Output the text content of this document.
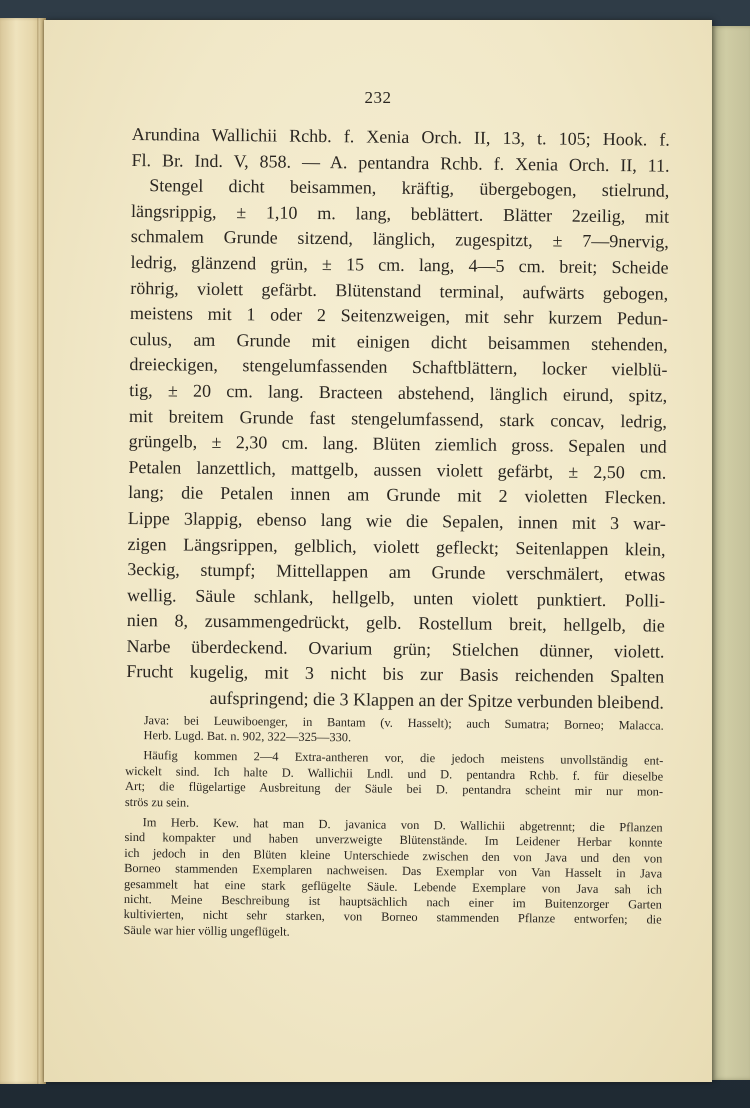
232
Arundina Wallichii Rchb. f. Xenia Orch. II, 13, t. 105; Hook. f.
Fl. Br. Ind. V, 858. — A. pentandra Rchb. f. Xenia Orch. II, 11.
Stengel dicht beisammen, kräftig, übergebogen, stielrund,
längsrippig, ± 1,10 m. lang, beblättert. Blätter 2zeilig, mit
schmalem Grunde sitzend, länglich, zugespitzt, ± 7—9nervig,
ledrig, glänzend grün, ± 15 cm. lang, 4—5 cm. breit; Scheide
röhrig, violett gefärbt. Blütenstand terminal, aufwärts gebogen,
meistens mit 1 oder 2 Seitenzweigen, mit sehr kurzem Pedun-
culus, am Grunde mit einigen dicht beisammen stehenden,
dreieckigen, stengelumfassenden Schaftblättern, locker vielblü-
tig, ± 20 cm. lang. Bracteen abstehend, länglich eirund, spitz,
mit breitem Grunde fast stengelumfassend, stark concav, ledrig,
grüngelb, ± 2,30 cm. lang. Blüten ziemlich gross. Sepalen und
Petalen lanzettlich, mattgelb, aussen violett gefärbt, ± 2,50 cm.
lang; die Petalen innen am Grunde mit 2 violetten Flecken.
Lippe 3lappig, ebenso lang wie die Sepalen, innen mit 3 war-
zigen Längsrippen, gelblich, violett gefleckt; Seitenlappen klein,
3eckig, stumpf; Mittellappen am Grunde verschmälert, etwas
wellig. Säule schlank, hellgelb, unten violett punktiert. Polli-
nien 8, zusammengedrückt, gelb. Rostellum breit, hellgelb, die
Narbe überdeckend. Ovarium grün; Stielchen dünner, violett.
Frucht kugelig, mit 3 nicht bis zur Basis reichenden Spalten
aufspringend; die 3 Klappen an der Spitze verbunden bleibend.
Java: bei Leuwiboenger, in Bantam (v. Hasselt); auch Sumatra; Borneo; Malacca.
Herb. Lugd. Bat. n. 902, 322—325—330.
Häufig kommen 2—4 Extra-antheren vor, die jedoch meistens unvollständig ent-
wickelt sind. Ich halte D. Wallichii Lndl. und D. pentandra Rchb. f. für dieselbe
Art; die flügelartige Ausbreitung der Säule bei D. pentandra scheint mir nur mon-
strös zu sein.
Im Herb. Kew. hat man D. javanica von D. Wallichii abgetrennt; die Pflanzen
sind kompakter und haben unverzweigte Blütenstände. Im Leidener Herbar konnte
ich jedoch in den Blüten kleine Unterschiede zwischen den von Java und den von
Borneo stammenden Exemplaren nachweisen. Das Exemplar von Van Hasselt in Java
gesammelt hat eine stark geflügelte Säule. Lebende Exemplare von Java sah ich
nicht. Meine Beschreibung ist hauptsächlich nach einer im Buitenzorger Garten
kultivierten, nicht sehr starken, von Borneo stammenden Pflanze entworfen; die
Säule war hier völlig ungeflügelt.
